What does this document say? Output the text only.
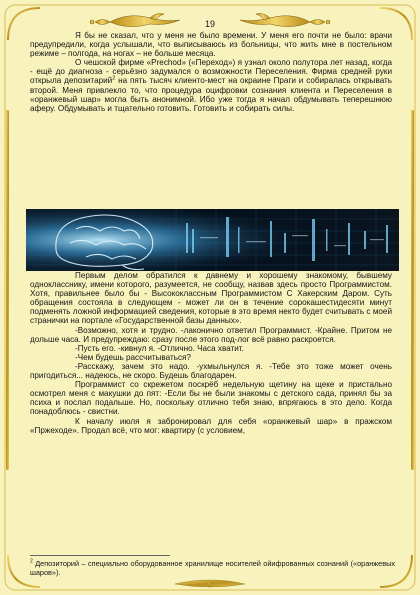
19

Я бы не сказал, что у меня не было времени. У меня его почти не было: врачи предупредили, когда услышали, что выписываюсь из больницы, что жить мне в постельном режиме – полгода, на ногах – не больше месяца.

О чешской фирме «Prechod» («Переход») я узнал около полутора лет назад, когда - ещё до диагноза - серьёзно задумался о возможности Переселения. Фирма средней руки открыла депозитарий$^2$ на пять тысяч клиенто-мест на окраине Праги и собиралась открывать второй. Меня привлекло то, что процедура оцифровки сознания клиента и Переселения в «оранжевый шар» могла быть анонимной. Ибо уже тогда я начал обдумывать теперешнюю аферу. Обдумывать и тщательно готовить. Готовить и собирать силы.

Первым делом обратился к давнему и хорошему знакомому, бывшему однокласснику, имени которого, разумеется, не сообщу, назвав здесь просто Программистом. Хотя, правильнее было бы - Высококлассным Программистом С Хакерским Даром. Суть обращения состояла в следующем - может ли он в течение сорокашестидесяти минут подменять ложной информацией сведения, которые в это время некто будет считывать с моей странички на портале «Государственной базы данных».

-Возможно, хотя и трудно. -лаконично ответил Программист. -Крайне. Притом не дольше часа. И предупреждаю: сразу после этого под-лог всё равно раскроется.

-Пусть его. -кивнул я. -Отлично. Часа хватит.

-Чем будешь рассчитываться?

-Расскажу, зачем это надо. -ухмыльнулся я. -Тебе это тоже может очень пригодиться... надеюсь, не скоро. Будешь благодарен.

Программист со скрежетом поскрёб недельную щетину на щеке и пристально осмотрел меня с макушки до пят: -Если бы не были знакомы с детского сада, принял бы за психа и послал подальше. Но, поскольку отлично тебя знаю, впрягаюсь в это дело. Когда понадоблюсь - свистни.

К началу июля я забронировал для себя «оранжевый шар» в пражском «Пржеходе». Продал всё, что мог: квартиру (с условием,

$^2$ Депозиторий – специально оборудованное хранилище носителей ойифрованных сознаний («оранжевых шаров»).
